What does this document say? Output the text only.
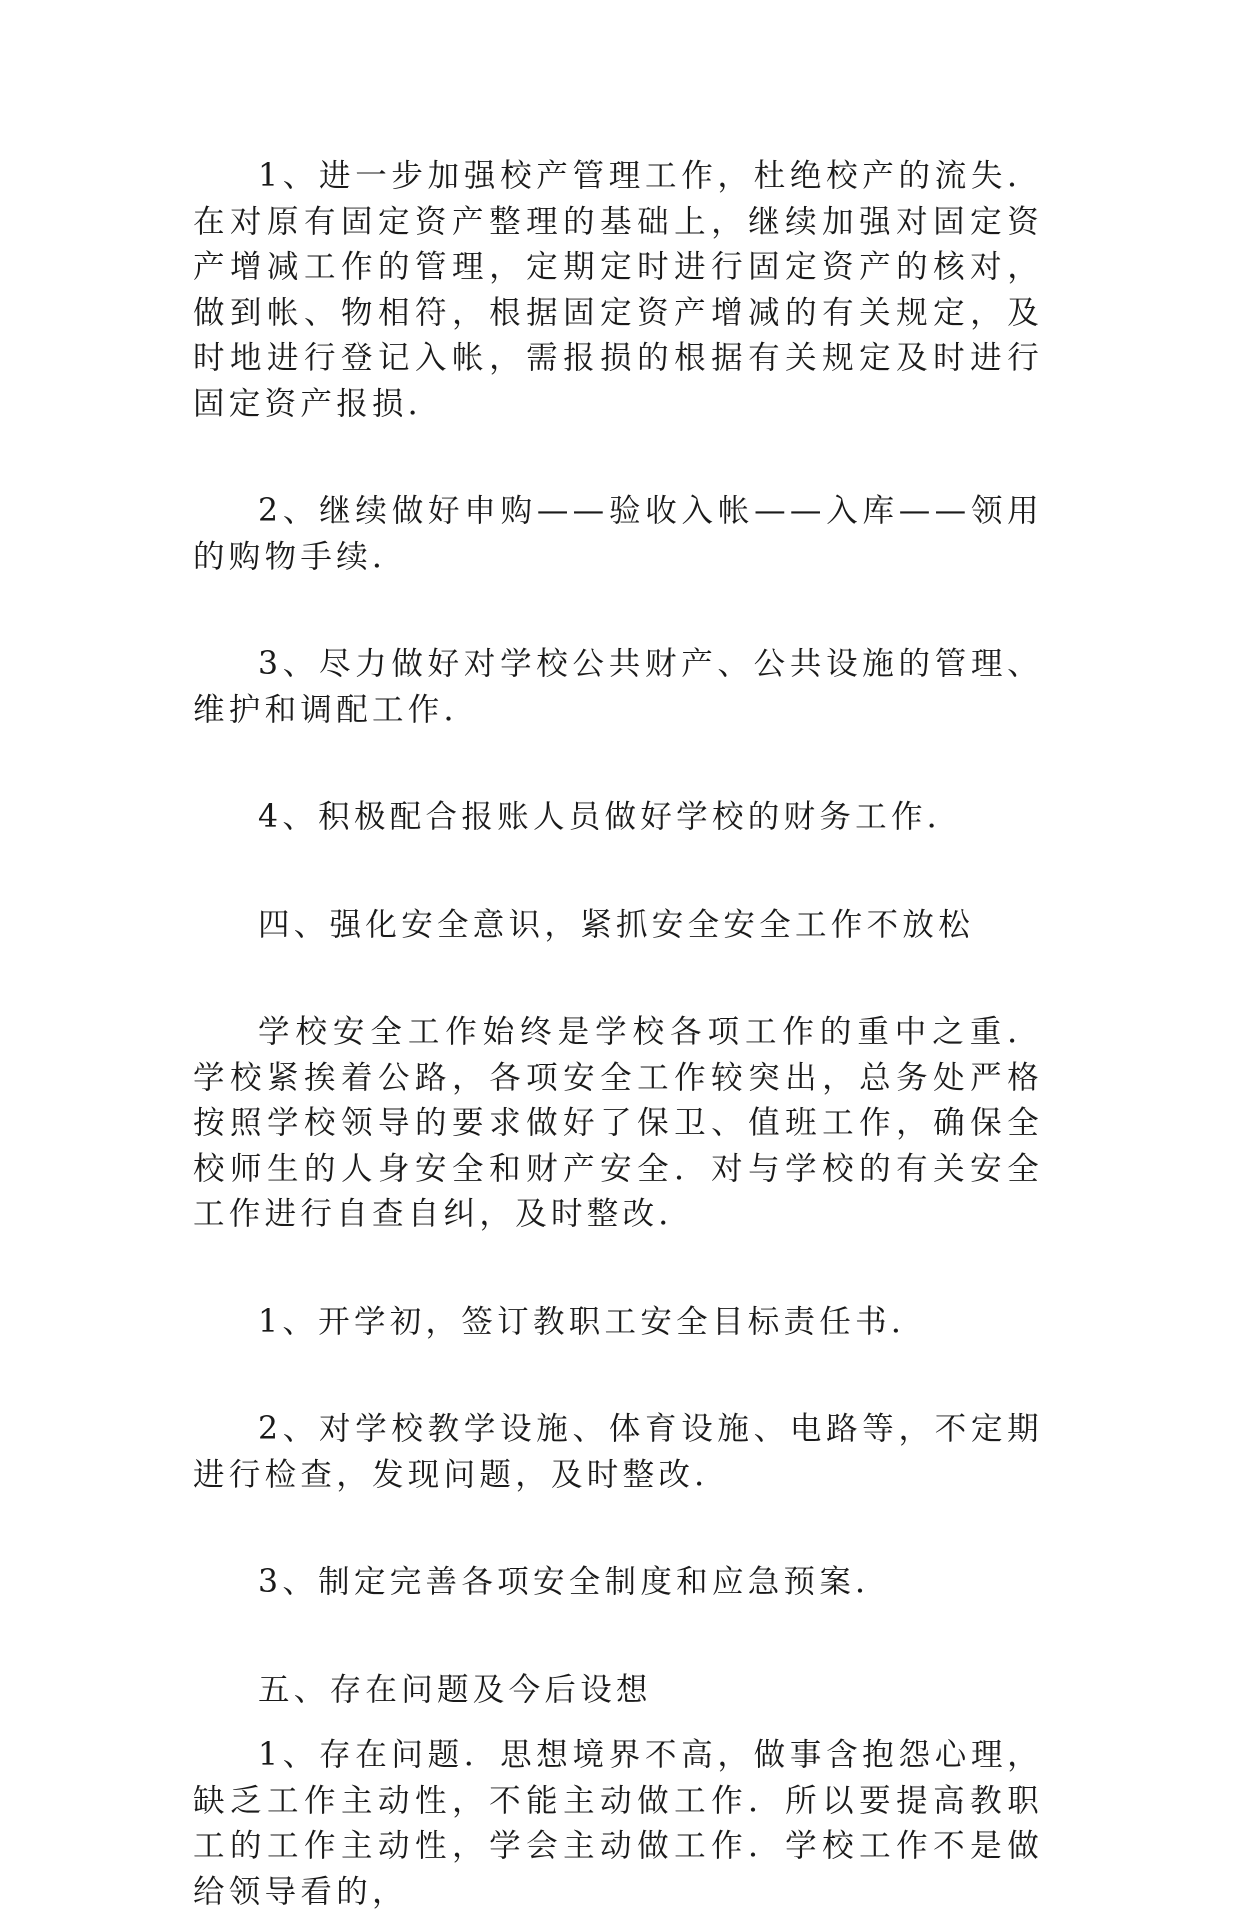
1、进一步加强校产管理工作，杜绝校产的流失．在对原有固定资产整理的基础上，继续加强对固定资产增减工作的管理，定期定时进行固定资产的核对，做到帐、物相符，根据固定资产增减的有关规定，及时地进行登记入帐，需报损的根据有关规定及时进行固定资产报损．

2、继续做好申购——验收入帐——入库——领用的购物手续．

3、尽力做好对学校公共财产、公共设施的管理、维护和调配工作．

4、积极配合报账人员做好学校的财务工作．

四、强化安全意识，紧抓安全安全工作不放松

学校安全工作始终是学校各项工作的重中之重．学校紧挨着公路，各项安全工作较突出，总务处严格按照学校领导的要求做好了保卫、值班工作，确保全校师生的人身安全和财产安全．对与学校的有关安全工作进行自查自纠，及时整改．

1、开学初，签订教职工安全目标责任书．

2、对学校教学设施、体育设施、电路等，不定期进行检查，发现问题，及时整改．

3、制定完善各项安全制度和应急预案．

五、存在问题及今后设想

1、存在问题．思想境界不高，做事含抱怨心理，缺乏工作主动性，不能主动做工作．所以要提高教职工的工作主动性，学会主动做工作．学校工作不是做给领导看的，
